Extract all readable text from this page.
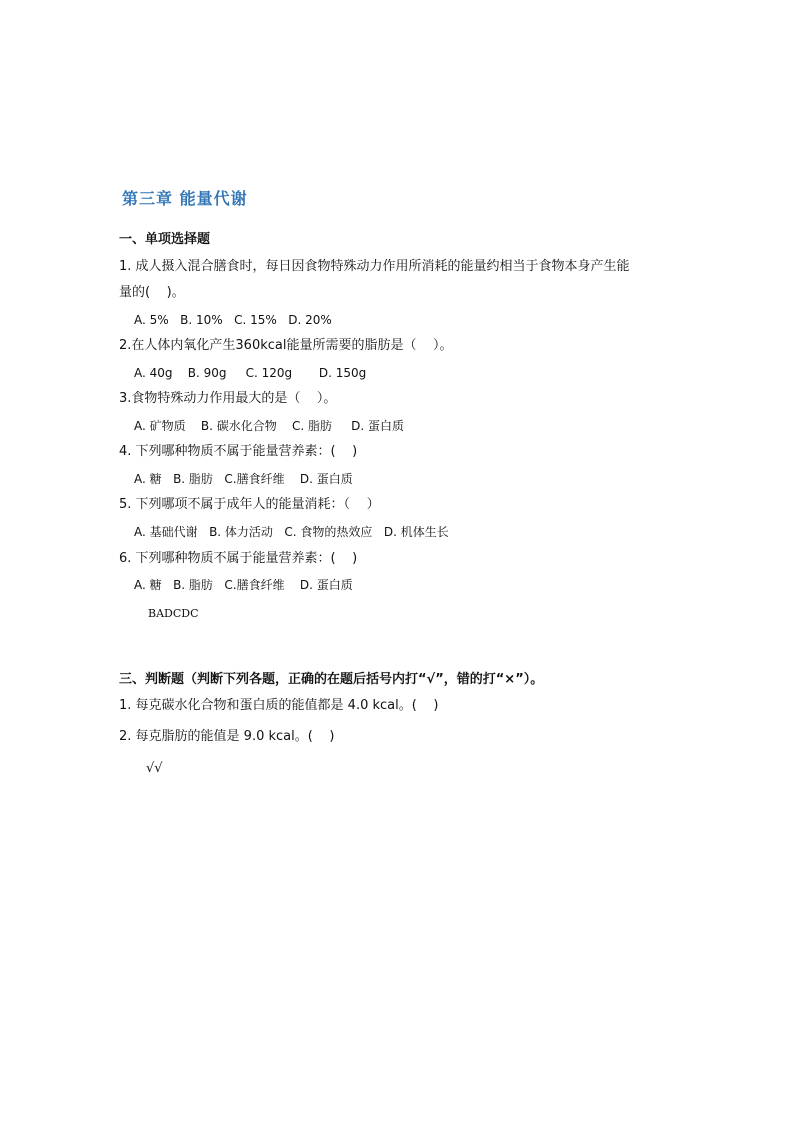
第三章 能量代谢
一、单项选择题
1. 成人摄入混合膳食时，每日因食物特殊动力作用所消耗的能量约相当于食物本身产生能
量的(    )。
A. 5%   B. 10%   C. 15%   D. 20%
2.在人体内氧化产生360kcal能量所需要的脂肪是（    ）。
A. 40g    B. 90g     C. 120g       D. 150g
3.食物特殊动力作用最大的是（    ）。
A. 矿物质    B. 碳水化合物    C. 脂肪     D. 蛋白质
4. 下列哪种物质不属于能量营养素：(    )
A. 糖   B. 脂肪   C.膳食纤维    D. 蛋白质
5. 下列哪项不属于成年人的能量消耗：（    ）
A. 基础代谢   B. 体力活动   C. 食物的热效应   D. 机体生长
6. 下列哪种物质不属于能量营养素：(    )
A. 糖   B. 脂肪   C.膳食纤维    D. 蛋白质
BADCDC
三、判断题（判断下列各题，正确的在题后括号内打“√”，错的打“×”）。
1. 每克碳水化合物和蛋白质的能值都是 4.0 kcal。(    )
2. 每克脂肪的能值是 9.0 kcal。(    )
√√
